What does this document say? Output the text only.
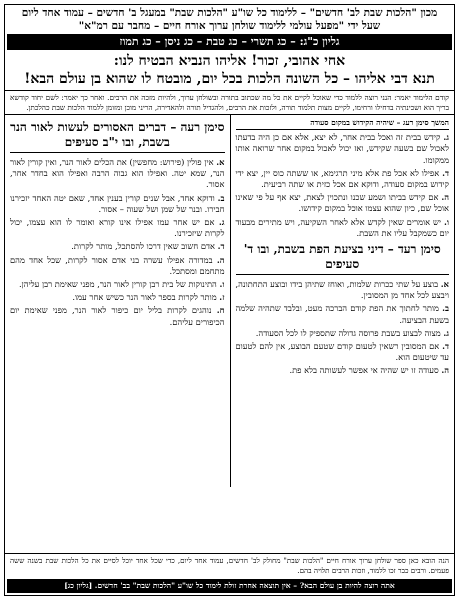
מכון "הלכות שבת לב' חדשים" – ללימוד כל שו"ע "הלכות שבת" במעגל ב' חדשים – עמוד אחד ליום
שעל ידי "מפעל עולמי ללימוד שולחן ערוך אורח חיים – מחבר עם רמ"א"
גליון כ"ג: – כג תשרי – כג טבת – כג ניסן – כג תמוז
אחי אהובי, זכור! אליהו הנביא הבטיח לנו:
תנא דבי אליהו – כל השונה הלכות בכל יום, מובטח לו שהוא בן עולם הבא!
קודם הלימוד יאמר: הנני רוצה ללמוד כדי שאוכל לקיים את כל מה שכתוב בתורה ובשולחן ערוך, ולהיות מזכה את הרבים. ואחר כך יאמר: לשם יחוד קודשא בריך הוא ושכינתיה בדחילו ורחימו, לקיים מצות תלמוד תורה, ולזכות את הרבים, ולהגדיל תורה ולהאדירה, הריני מוכן ומזומן ללמוד הלכות שבת כהלכתן.
המשך סימן רעג – שיהיה הקידוש במקום סעודה
ג. קידש בבית זה ואכל בבית אחר, לא יצא, אלא אם כן היה בדעתו לאכול שם בשעה שקידש, ואז יכול לאכול במקום אחר שרואה אותו ממקומו.
ד. אפילו לא אכל פת אלא מיני תרגימא, או ששתה כוס יין, יצא ידי קידוש במקום סעודה, ודוקא אם אכל כזית או שתה רביעית.
ה. אם קידש בביתו ושמע שכנו ונתכוין לצאת, יצא אף על פי שאינו אוכל שם, כיון שהוא עצמו אוכל במקום קידושו.
ו. יש אומרים שאין לקדש אלא לאחר השקיעה, ויש מתירים מבעוד יום כשמקבל עליו את השבת.
סימן רעד – דיני בציעת הפת בשבת, ובו ד' סעיפים
א. בוצע על שתי ככרות שלמות, ואוחז שתיהן בידו ובוצע התחתונה, ויבצע לכל אחד מן המסובין.
ב. מותר לחתוך את הפת קודם הברכה מעט, ובלבד שתהיה שלמה בשעת הבציעה.
ג. מצוה לבצוע בשבת פרוסה גדולה שתספיק לו לכל הסעודה.
ד. אם המסובין רשאין לטעום קודם שטעם הבוצע, אין להם לטעום עד שיטעום הוא.
ה. סעודה זו יש שהיה אי אפשר לעשותה בלא פת.
סימן רעה – דברים האסורים לעשות לאור הנר בשבת, ובו י"ב סעיפים
א. אין פולין (פירוש: מחפשין) את הכלים לאור הנר, ואין קורין לאור הנר, שמא יטה. ואפילו הוא גבוה הרבה ואפילו הוא בחדר אחר, אסור.
ב. ודוקא אחד, אבל שנים קורין בענין אחד, שאם יטה האחד יזכירנו חבירו. ובנר של שמן ושל שעוה – אסור.
ג. אם יש אחר עמו אפילו אינו קורא ואומר לו הוא עצמו, יכול לקרות שיזכירנו.
ד. אדם חשוב שאין דרכו להסתכל, מותר לקרות.
ה. במדורה אפילו עשרה בני אדם אסור לקרות, שכל אחד מהם מתחמם ומסתכל.
ו. התינוקות של בית רבן קורין לאור הנר, מפני שאימת רבן עליהן.
ז. מותר לקרות בספר לאור הנר כשיש אחר עמו.
ח. נוהגים לקרות בליל יום כיפור לאור הנר, מפני שאימת יום הכיפורים עליהם.
הנה הובא כאן ספר שולחן ערוך אורח חיים "הלכות שבת" מחולק לב' חדשים, עמוד אחד ליום, כדי שכל אחד יוכל לסיים את כל הלכות שבת בשנה ששה פעמים. ורבים כבר זכו ללמוד, וזכות הרבים תלויה בהם.
אתה רוצה להיות בן עולם הבא? – אין תוצאה אחרת זולת לימוד כל שו"ע "הלכות שבת" בב' חדשים. [גליון כג]
